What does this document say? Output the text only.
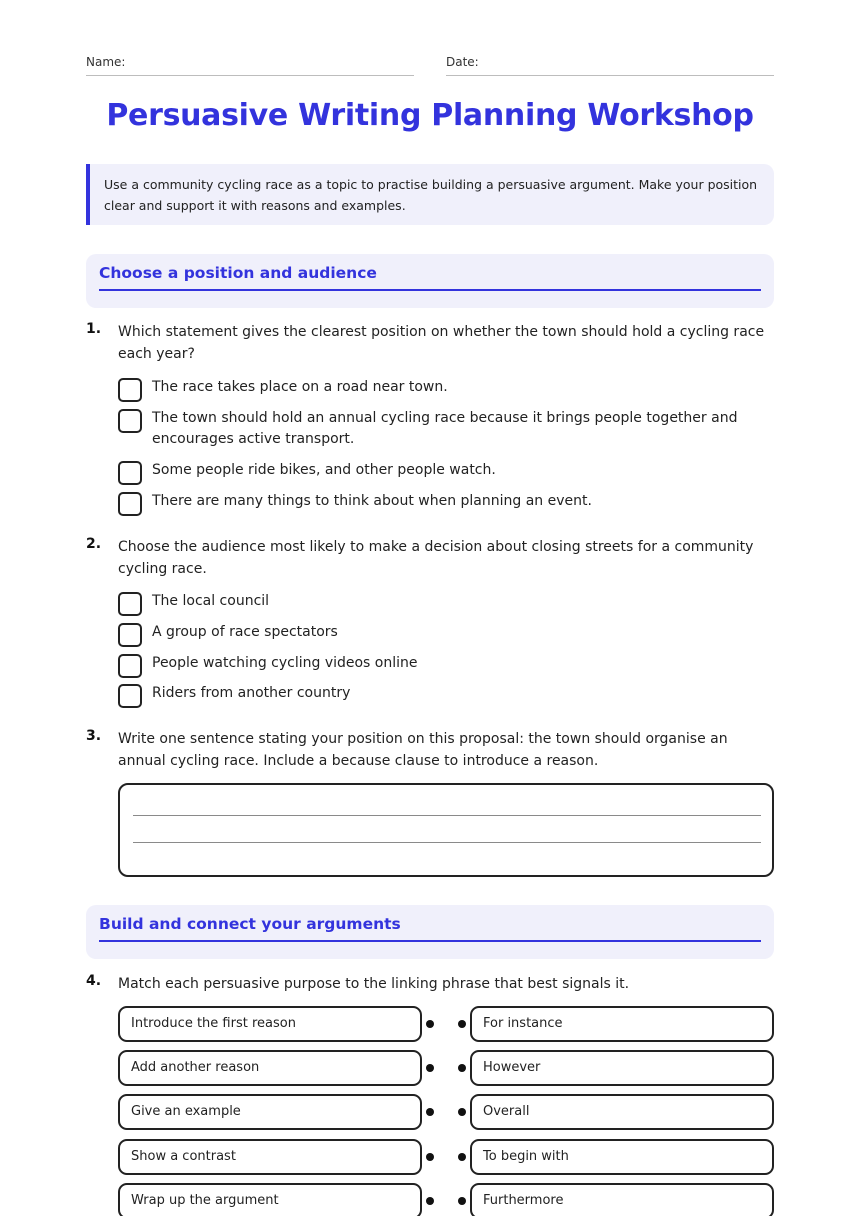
Name:	Date:
Persuasive Writing Planning Workshop
Use a community cycling race as a topic to practise building a persuasive argument. Make your position clear and support it with reasons and examples.
Choose a position and audience
1. Which statement gives the clearest position on whether the town should hold a cycling race each year?
The race takes place on a road near town.
The town should hold an annual cycling race because it brings people together and encourages active transport.
Some people ride bikes, and other people watch.
There are many things to think about when planning an event.
2. Choose the audience most likely to make a decision about closing streets for a community cycling race.
The local council
A group of race spectators
People watching cycling videos online
Riders from another country
3. Write one sentence stating your position on this proposal: the town should organise an annual cycling race. Include a because clause to introduce a reason.
Build and connect your arguments
4. Match each persuasive purpose to the linking phrase that best signals it.
Introduce the first reason	For instance
Add another reason	However
Give an example	Overall
Show a contrast	To begin with
Wrap up the argument	Furthermore
